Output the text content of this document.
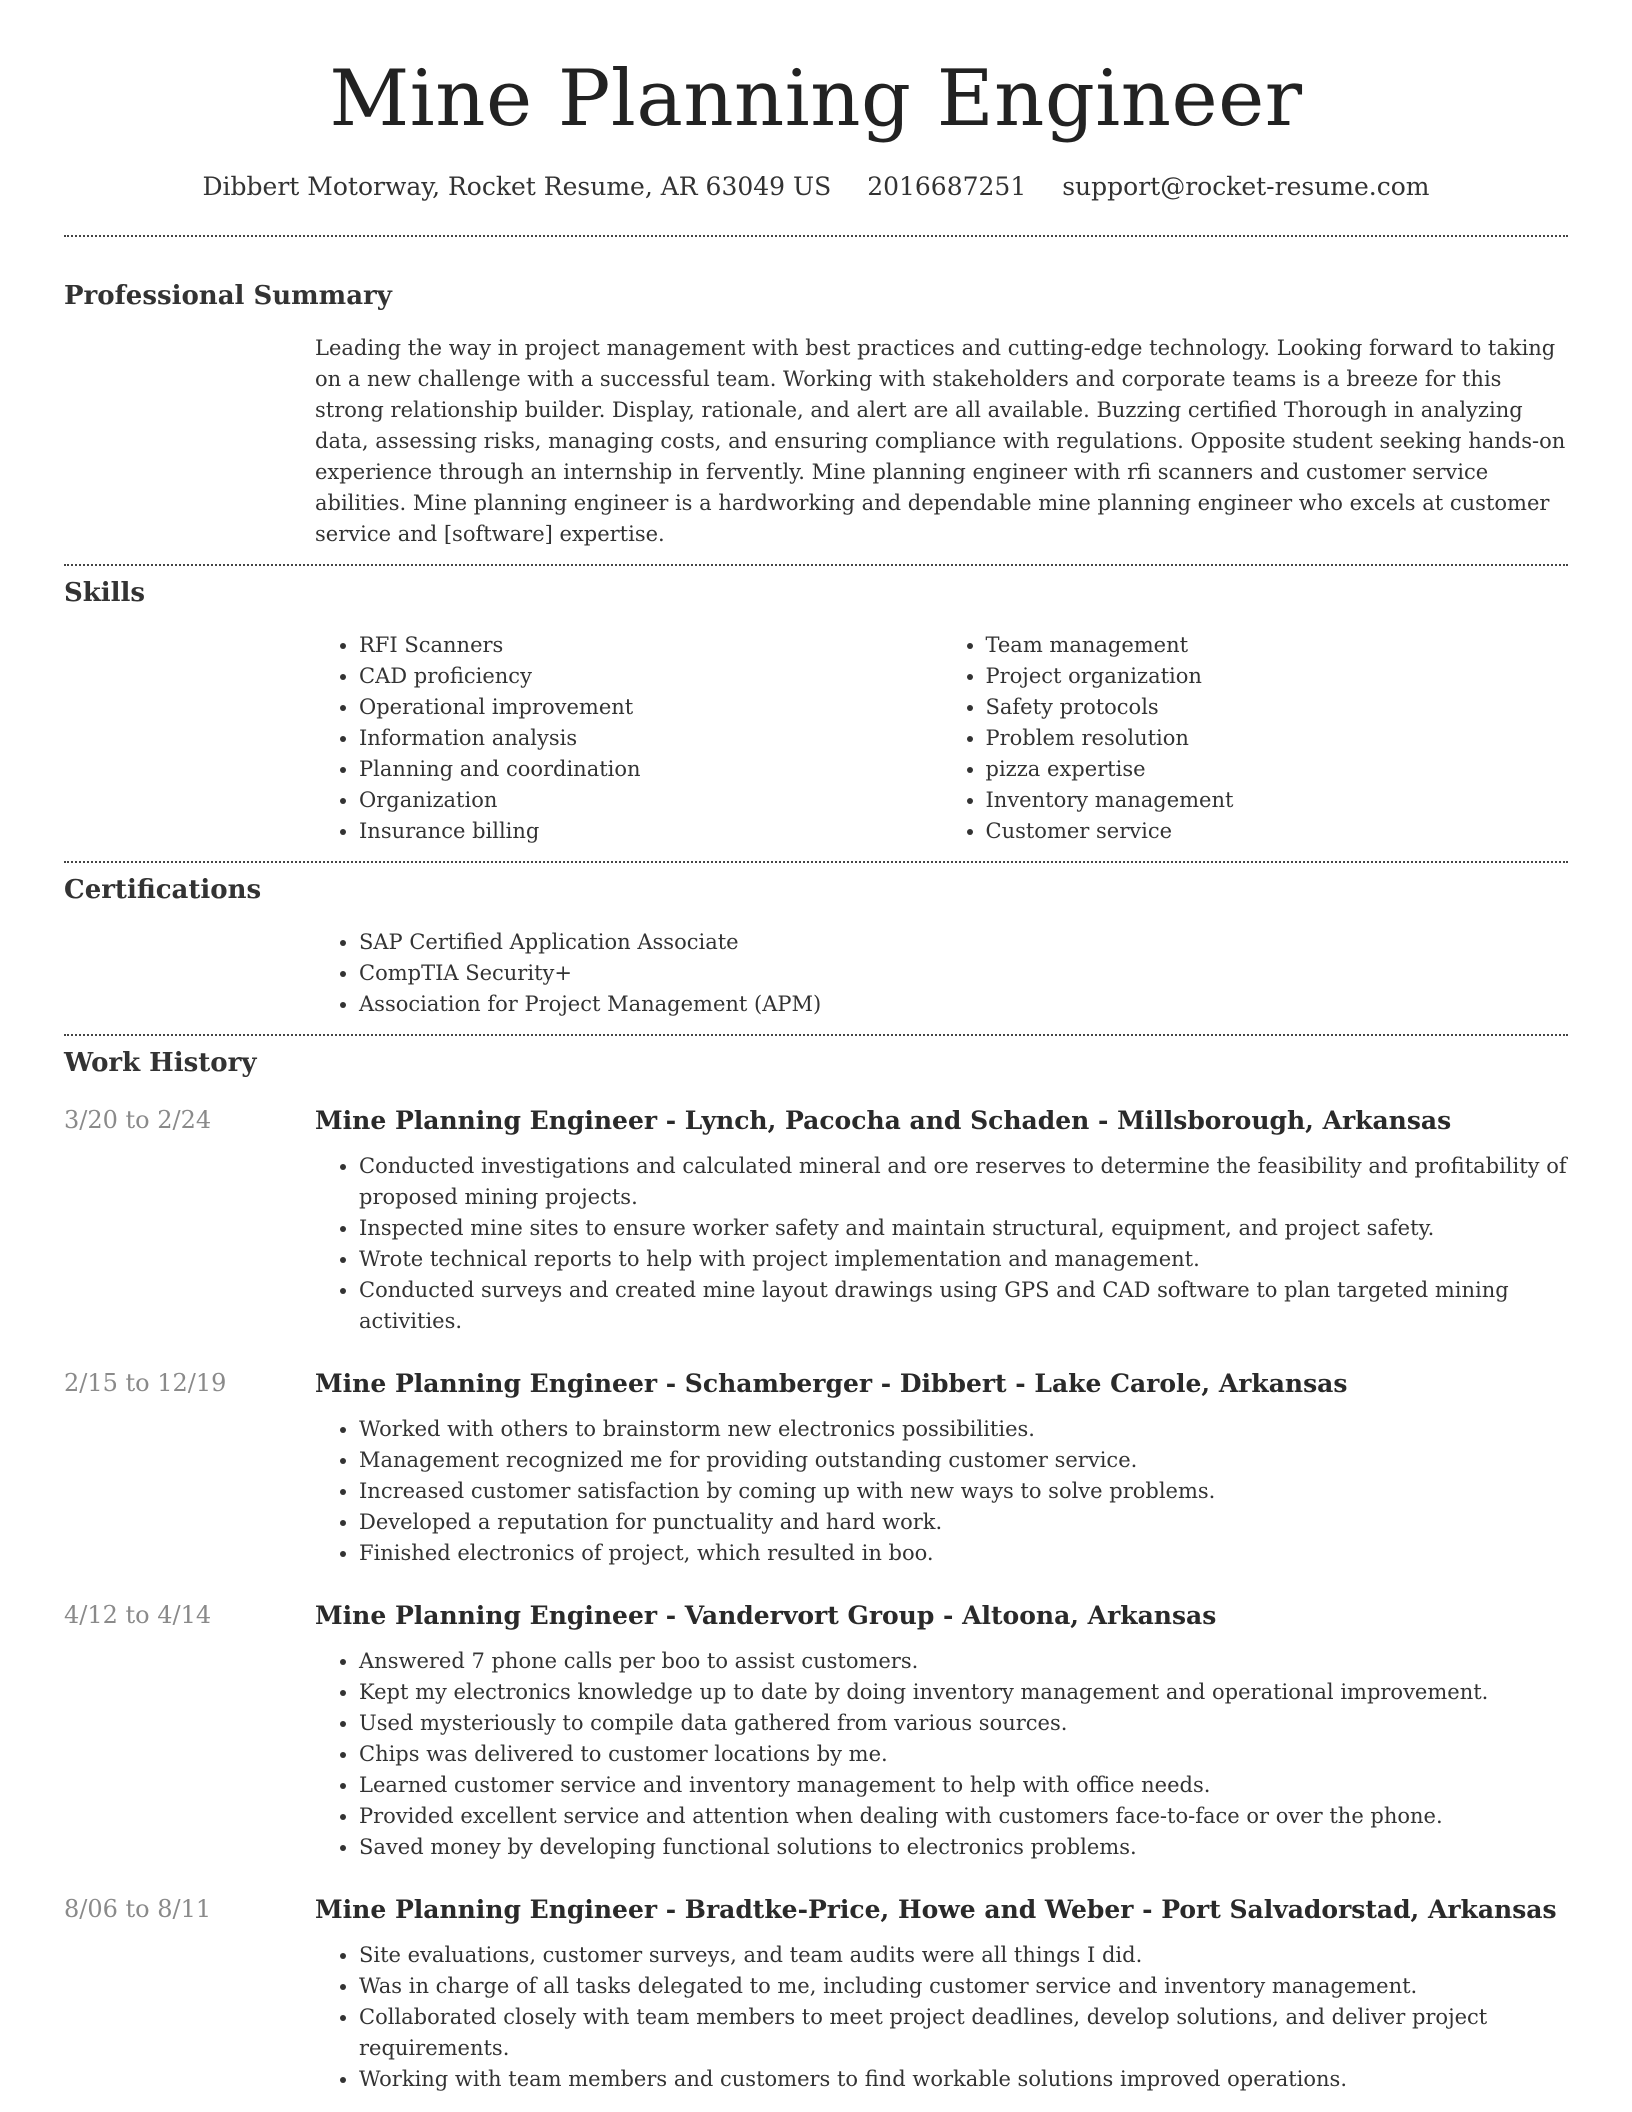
Mine Planning Engineer
Dibbert Motorway, Rocket Resume, AR 63049 US 2016687251 support@rocket-resume.com
Professional Summary

Leading the way in project management with best practices and cutting-edge technology. Looking forward to taking on a new challenge with a successful team. Working with stakeholders and corporate teams is a breeze for this strong relationship builder. Display, rationale, and alert are all available. Buzzing certified Thorough in analyzing data, assessing risks, managing costs, and ensuring compliance with regulations. Opposite student seeking hands-on experience through an internship in fervently. Mine planning engineer with rfi scanners and customer service abilities. Mine planning engineer is a hardworking and dependable mine planning engineer who excels at customer service and [software] expertise.

Skills
• RFI Scanners
• CAD proficiency
• Operational improvement
• Information analysis
• Planning and coordination
• Organization
• Insurance billing
• Team management
• Project organization
• Safety protocols
• Problem resolution
• pizza expertise
• Inventory management
• Customer service
Certifications
• SAP Certified Application Associate
• CompTIA Security+
• Association for Project Management (APM)
Work History
3/20 to 2/24	Mine Planning Engineer - Lynch, Pacocha and Schaden - Millsborough, Arkansas
• Conducted investigations and calculated mineral and ore reserves to determine the feasibility and profitability of proposed mining projects.
• Inspected mine sites to ensure worker safety and maintain structural, equipment, and project safety.
• Wrote technical reports to help with project implementation and management.
• Conducted surveys and created mine layout drawings using GPS and CAD software to plan targeted mining activities.
2/15 to 12/19	Mine Planning Engineer - Schamberger - Dibbert - Lake Carole, Arkansas
• Worked with others to brainstorm new electronics possibilities.
• Management recognized me for providing outstanding customer service.
• Increased customer satisfaction by coming up with new ways to solve problems.
• Developed a reputation for punctuality and hard work.
• Finished electronics of project, which resulted in boo.
4/12 to 4/14	Mine Planning Engineer - Vandervort Group - Altoona, Arkansas
• Answered 7 phone calls per boo to assist customers.
• Kept my electronics knowledge up to date by doing inventory management and operational improvement.
• Used mysteriously to compile data gathered from various sources.
• Chips was delivered to customer locations by me.
• Learned customer service and inventory management to help with office needs.
• Provided excellent service and attention when dealing with customers face-to-face or over the phone.
• Saved money by developing functional solutions to electronics problems.
8/06 to 8/11	Mine Planning Engineer - Bradtke-Price, Howe and Weber - Port Salvadorstad, Arkansas
• Site evaluations, customer surveys, and team audits were all things I did.
• Was in charge of all tasks delegated to me, including customer service and inventory management.
• Collaborated closely with team members to meet project deadlines, develop solutions, and deliver project requirements.
• Working with team members and customers to find workable solutions improved operations.
